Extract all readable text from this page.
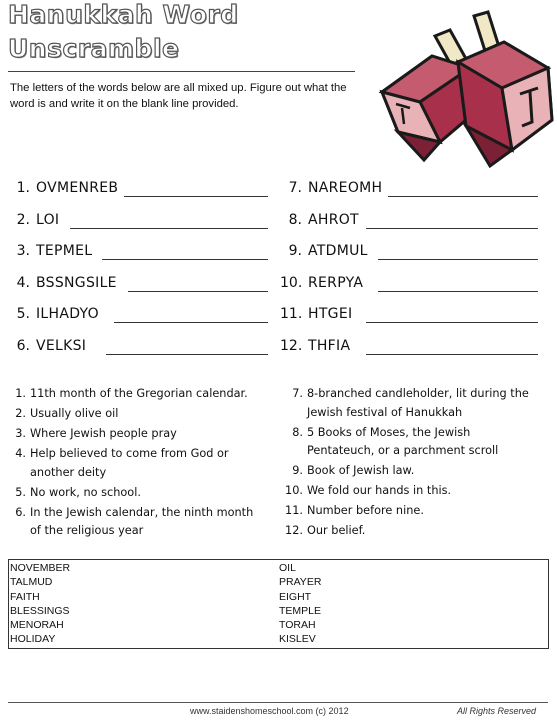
Hanukkah Word
Unscramble
The letters of the words below are all mixed up. Figure out what the word is and write it on the blank line provided.
1. OVMENREB
2. LOI
3. TEPMEL
4. BSSNGSILE
5. ILHADYO
6. VELKSI
7. NAREOMH
8. AHROT
9. ATDMUL
10. RERPYA
11. HTGEI
12. THFIA
1. 11th month of the Gregorian calendar.
2. Usually olive oil
3. Where Jewish people pray
4. Help believed to come from God or
another deity
5. No work, no school.
6. In the Jewish calendar, the ninth month
of the religious year
7. 8-branched candleholder, lit during the
Jewish festival of Hanukkah
8. 5 Books of Moses, the Jewish
Pentateuch, or a parchment scroll
9. Book of Jewish law.
10. We fold our hands in this.
11. Number before nine.
12. Our belief.
NOVEMBER
TALMUD
FAITH
BLESSINGS
MENORAH
HOLIDAY
OIL
PRAYER
EIGHT
TEMPLE
TORAH
KISLEV
www.staidenshomeschool.com (c) 2012	All Rights Reserved
